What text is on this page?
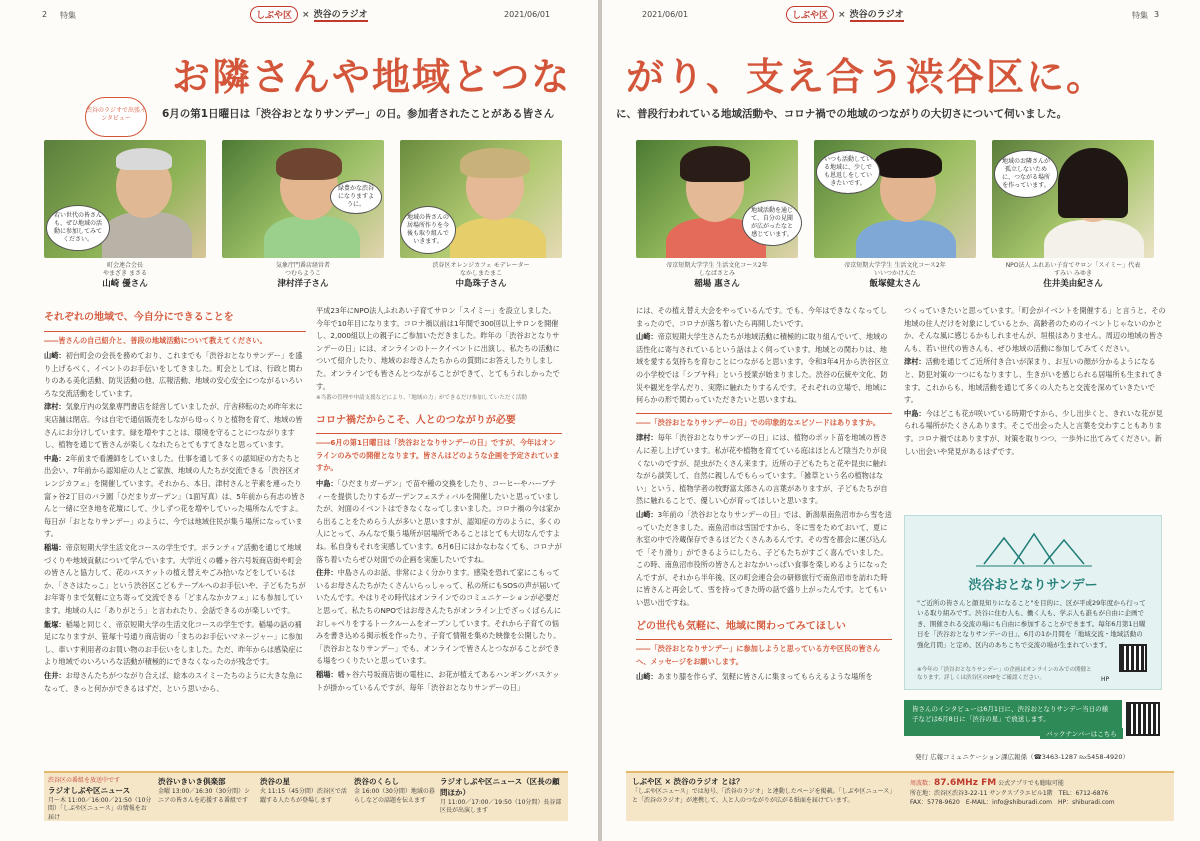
2 特集	しぶや区	× 渋谷のラジオ	2021/06/01
お隣さんや地域とつな
渋谷のラジオで出張インタビュー	6月の第1日曜日は「渋谷おとなりサンデー」の日。参加者されたことがある皆さん
若い世代の皆さんも、ぜひ地域の活動に参加してみてください。
緑豊かな渋谷になりますように。
地域の皆さんの居場所作りを今後も取り組んでいきます。
町会連合会長
やまざき まさる
山崎 優さん
気象庁門番店経営者
つむらようこ
津村洋子さん
渋谷区オレンジカフェ モデレーター
なかしまたまこ
中島珠子さん
それぞれの地域で、今自分にできることを
――皆さんの自己紹介と、普段の地域活動について教えてください。

山崎：初台町会の会長を務めており、これまでも「渋谷おとなりサンデー」を盛り上げるべく、イベントのお手伝いをしてきました。町会としては、行政と関わりのある美化活動、防災活動の他、広報活動、地域の安心安全につながるいろいろな交流活動をしています。

津村：気象庁内の気象専門書店を経営していましたが、庁舎移転のため昨年末に実店舗は閉店。今は自宅で通信販売をしながら母っくりと植物を育て、地域の皆さんにお分けしています。緑を増やすことは、環境を守ることにつながりますし、植物を通じて皆さんが楽しくなれたらとてもすてきなと思っています。

中島：2年前まで看護師をしていました。仕事を通して多くの認知症の方たちと出会い、7年前から認知症の人とご家族、地域の人たちが交流できる「渋谷区オレンジカフェ」を開催しています。それから、本日、津村さんと芋素を連ったり富ヶ谷2丁目のバラ園「ひだまりガーデン」（1面写真）は、5年前から有志の皆さんと一緒に空き地を花壇にして、少しずつ花を増やしていった場所なんですよ。毎日が「おとなりサンデー」のように、今では地域住民が集う場所になっています。

稲場：帝京短期大学生活文化コースの学生です。ボランティア活動を通じて地域づくりや地域貢献について学んでいます。大学近くの幡ヶ谷六号坂商店街や町会の皆さんと協力して、花のバスケットの植え替えやごみ拾いなどをしているほか、「ささはたっこ」という渋谷区こどもテーブルへのお手伝いや、子どもたちがお年寄りまで気軽に立ち寄って交流できる「どまんなかカフェ」にも参加しています。地域の人に「ありがとう」と言われたり、会話できるのが楽しいです。

飯塚：稲場と同じく、帝京短期大学の生活文化コースの学生です。稲場の話の補足になりますが、笹塚十号通り商店街の「まちのお手伝いマネージャー」に参加し、車いす利用者のお買い物のお手伝いをしました。ただ、昨年からは感染症により地域でのいろいろな活動が積極的にできなくなったのが残念です。

住井：お母さんたちがつながり合えば、絵本のスイミーたちのように大きな魚になって、きっと何かができるはずだ、という思いから、

平成23年にNPO法人ふれあい子育てサロン「スイミー」を設立しました。今年で10年目になります。コロナ禍以前は1年間で300回以上サロンを開催し、2,000組以上の親子にご参加いただきました。昨年の「渋谷おとなりサンデーの日」には、オンラインのトークイベントに出演し、私たちの活動について紹介したり、地域のお母さんたちからの質問にお答えしたりしました。オンラインでも皆さんとつながることができて、とてもうれしかったです。

※当番の管理や申請支援などにより、「地域の力」ができるだけ参加していただく活動

コロナ禍だからこそ、人とのつながりが必要
――6月の第1日曜日は「渋谷おとなりサンデーの日」ですが、今年はオンラインのみでの開催となります。皆さんはどのような企画を予定されていますか。

中島：「ひだまりガーデン」で苗や種の交換をしたり、コーヒーやハーブティーを提供したりするガーデンフェスティバルを開催したいと思っていましたが、対面のイベントはできなくなってしまいました。コロナ禍の今は家から出ることをためらう人が多いと思いますが、認知症の方のように、多くの人にとって、みんなで集う場所が居場所であることはとても大切なんですよね。私自身もそれを実感しています。6月6日にはかなわなくても、コロナが落ち着いたらぜひ対面での企画を実施したいですね。

住井：中島さんのお話、非常によく分かります。感染を恐れて家にこもっているお母さんたちがたくさんいらっしゃって、私の所にもSOSの声が届いていたんです。やはりその時代はオンラインでのコミュニケーションが必要だと思って、私たちのNPOではお母さんたちがオンライン上でざっくばらんにおしゃべりをするトークルームをオープンしています。それから子育ての悩みを書き込める掲示板を作ったり、子育て情報を集めた映像を公開したり。「渋谷おとなりサンデー」でも、オンラインで皆さんとつながることができる場をつくりたいと思っています。

稲場：幡ヶ谷六号坂商店街の電柱に、お花が植えてあるハンギングバスケットが掛かっているんですが、毎年「渋谷おとなりサンデーの日」

渋谷区の番組を放送中です
ラジオしぶや区ニュース
月～木 11:00／16:00／21:50（10分間）「しぶや区ニュース」の情報をお届け
渋谷いきいき倶楽部
金曜 13:00／16:30（30分間）シニアの皆さんを応援する番組です
渋谷の星
火 11:15（45分間）渋谷区で活躍する人たちが登場します
渋谷のくらし
金 16:00（30分間）地域の暮らしなどの話題を伝えます
ラジオしぶや区ニュース（区長の顧問ほか）
月 11:00／17:00／19:50（10分間）長谷部区長が出演します
2021/06/01	しぶや区	× 渋谷のラジオ	特集 3
がり、支え合う渋谷区に。
に、普段行われている地域活動や、コロナ禍での地域のつながりの大切さについて伺いました。
地域活動を通じて、自分の見聞が広がったなと感じています。
いつも活動している地域に、少しでも恩返しをしていきたいです。
地域のお隣さんが孤立しないために、つながる場所を作っています。
帝京短期大学学生 生活文化コース2年
しなばさとみ
稲場 惠さん
帝京短期大学学生 生活文化コース2年
いいつかけんた
飯塚健太さん
NPO法人 ふれあい子育てサロン「スイミー」代表
すみい みゆき
住井美由紀さん

には、その植え替え大会をやっているんです。でも、今年はできなくなってしまったので、コロナが落ち着いたら再開したいです。

山崎：帝京短期大学生さんたちが地域活動に積極的に取り組んでいて、地域の活性化に寄与されているという話はよく伺っています。地域との関わりは、地域を愛する気持ちを育むことにつながると思います。令和3年4月から渋谷区立の小学校では「シブヤ科」という授業が始まりました。渋谷の伝統や文化、防災や観光を学んだり、実際に触れたりするんです。それぞれの立場で、地域に何らかの形で関わっていただきたいと思いますね。

――「渋谷おとなりサンデーの日」での印象的なエピソードはありますか。

津村：毎年「渋谷おとなりサンデーの日」には、植物のポット苗を地域の皆さんに差し上げています。私が花や植物を育てている庭はほとんど陰当たりが良くないのですが、昆虫がたくさん来ます。近所の子どもたちと花や昆虫に触れながら談笑して、自然に親しんでもらっています。「雑草という名の植物はない」という、植物学者の牧野富太郎さんの言葉がありますが、子どもたちが自然に触れることで、優しい心が育ってほしいと思います。

山崎：3年前の「渋谷おとなりサンデーの日」では、新潟県南魚沼市から雪を送っていただきました。南魚沼市は雪国ですから、冬に雪をためておいて、夏に氷室の中で冷蔵保存できるほどたくさんあるんです。その雪を都会に運び込んで「そり滑り」ができるようにしたら、子どもたちがすごく喜んでいました。この時、南魚沼市役所の皆さんとおなかいっぱい食事を楽しめるようになったんですが、それから半年後、区の町会連合会の研修旅行で南魚沼市を訪れた時に皆さんと再会して、雪を持ってきた時の話で盛り上がったんです。とてもいい思い出ですね。

どの世代も気軽に、地域に関わってみてほしい
――「渋谷おとなりサンデー」に参加しようと思っている方や区民の皆さんへ、メッセージをお願いします。

山崎：あまり膝を作らず、気軽に皆さんに集まってもらえるような場所を

つくっていきたいと思っています。「町会がイベントを開催する」と言うと、その地域の住人だけを対象にしているとか、高齢者のためのイベントじゃないのかとか、そんな風に感じるかもしれませんが、垣根はありません。周辺の地域の皆さんも、若い世代の皆さんも、ぜひ地域の活動に参加してみてください。

津村：活動を通じてご近所付き合いが深まり、お互いの顔が分かるようになると、防犯対策の一つにもなりますし、生きがいを感じられる居場所も生まれてきます。これからも、地域活動を通じて多くの人たちと交流を深めていきたいです。

中島：今はどこも花が咲いている時期ですから、少し出歩くと、きれいな花が見られる場所がたくさんあります。そこで出会った人と言葉を交わすこともあります。コロナ禍ではありますが、対策を取りつつ、一歩外に出てみてください。新しい出会いや発見があるはずです。

しぶや区 × 渋谷のラジオ とは？
「しぶや区ニュース」では毎号、「渋谷のラジオ」と連動したページを掲載。「しぶや区ニュース」と「渋谷のラジオ」が連携して、人と人のつながりが広がる紙面を届けています。
周波数：87.6MHz FM 公式アプリでも聴取可能
所在地：渋谷区渋谷3-22-11 サンクスプラエビル1階　TEL：6712-6876
FAX：5778-9620　E-MAIL：info@shiburadi.com　HP：shiburadi.com
渋谷おとなりサンデー
"ご近所の皆さんと顔見知りになること"を目的に、区が平成29年度から行っている取り組みです。渋谷に住む人も、働く人も、学ぶ人も誰もが自由に企画でき、開催される交流の場にも自由に参加することができます。毎年6月第1日曜日を「渋谷おとなりサンデーの日」、6月の1か月間を「地域交流・地域活動の強化月間」と定め、区内のあちこちで交流の場が生まれています。
※今年の「渋谷おとなりサンデー」の企画はオンラインのみでの開催となります。詳しくは渋谷区のHPをご確認ください。	HP
皆さんのインタビューは6月1日に、渋谷おとなりサンデー当日の様子などは6月8日に「渋谷の星」で放送します。
バックナンバーはこちら
発行 広報コミュニケーション課広報係（☎3463-1287 ℻5458-4920）
